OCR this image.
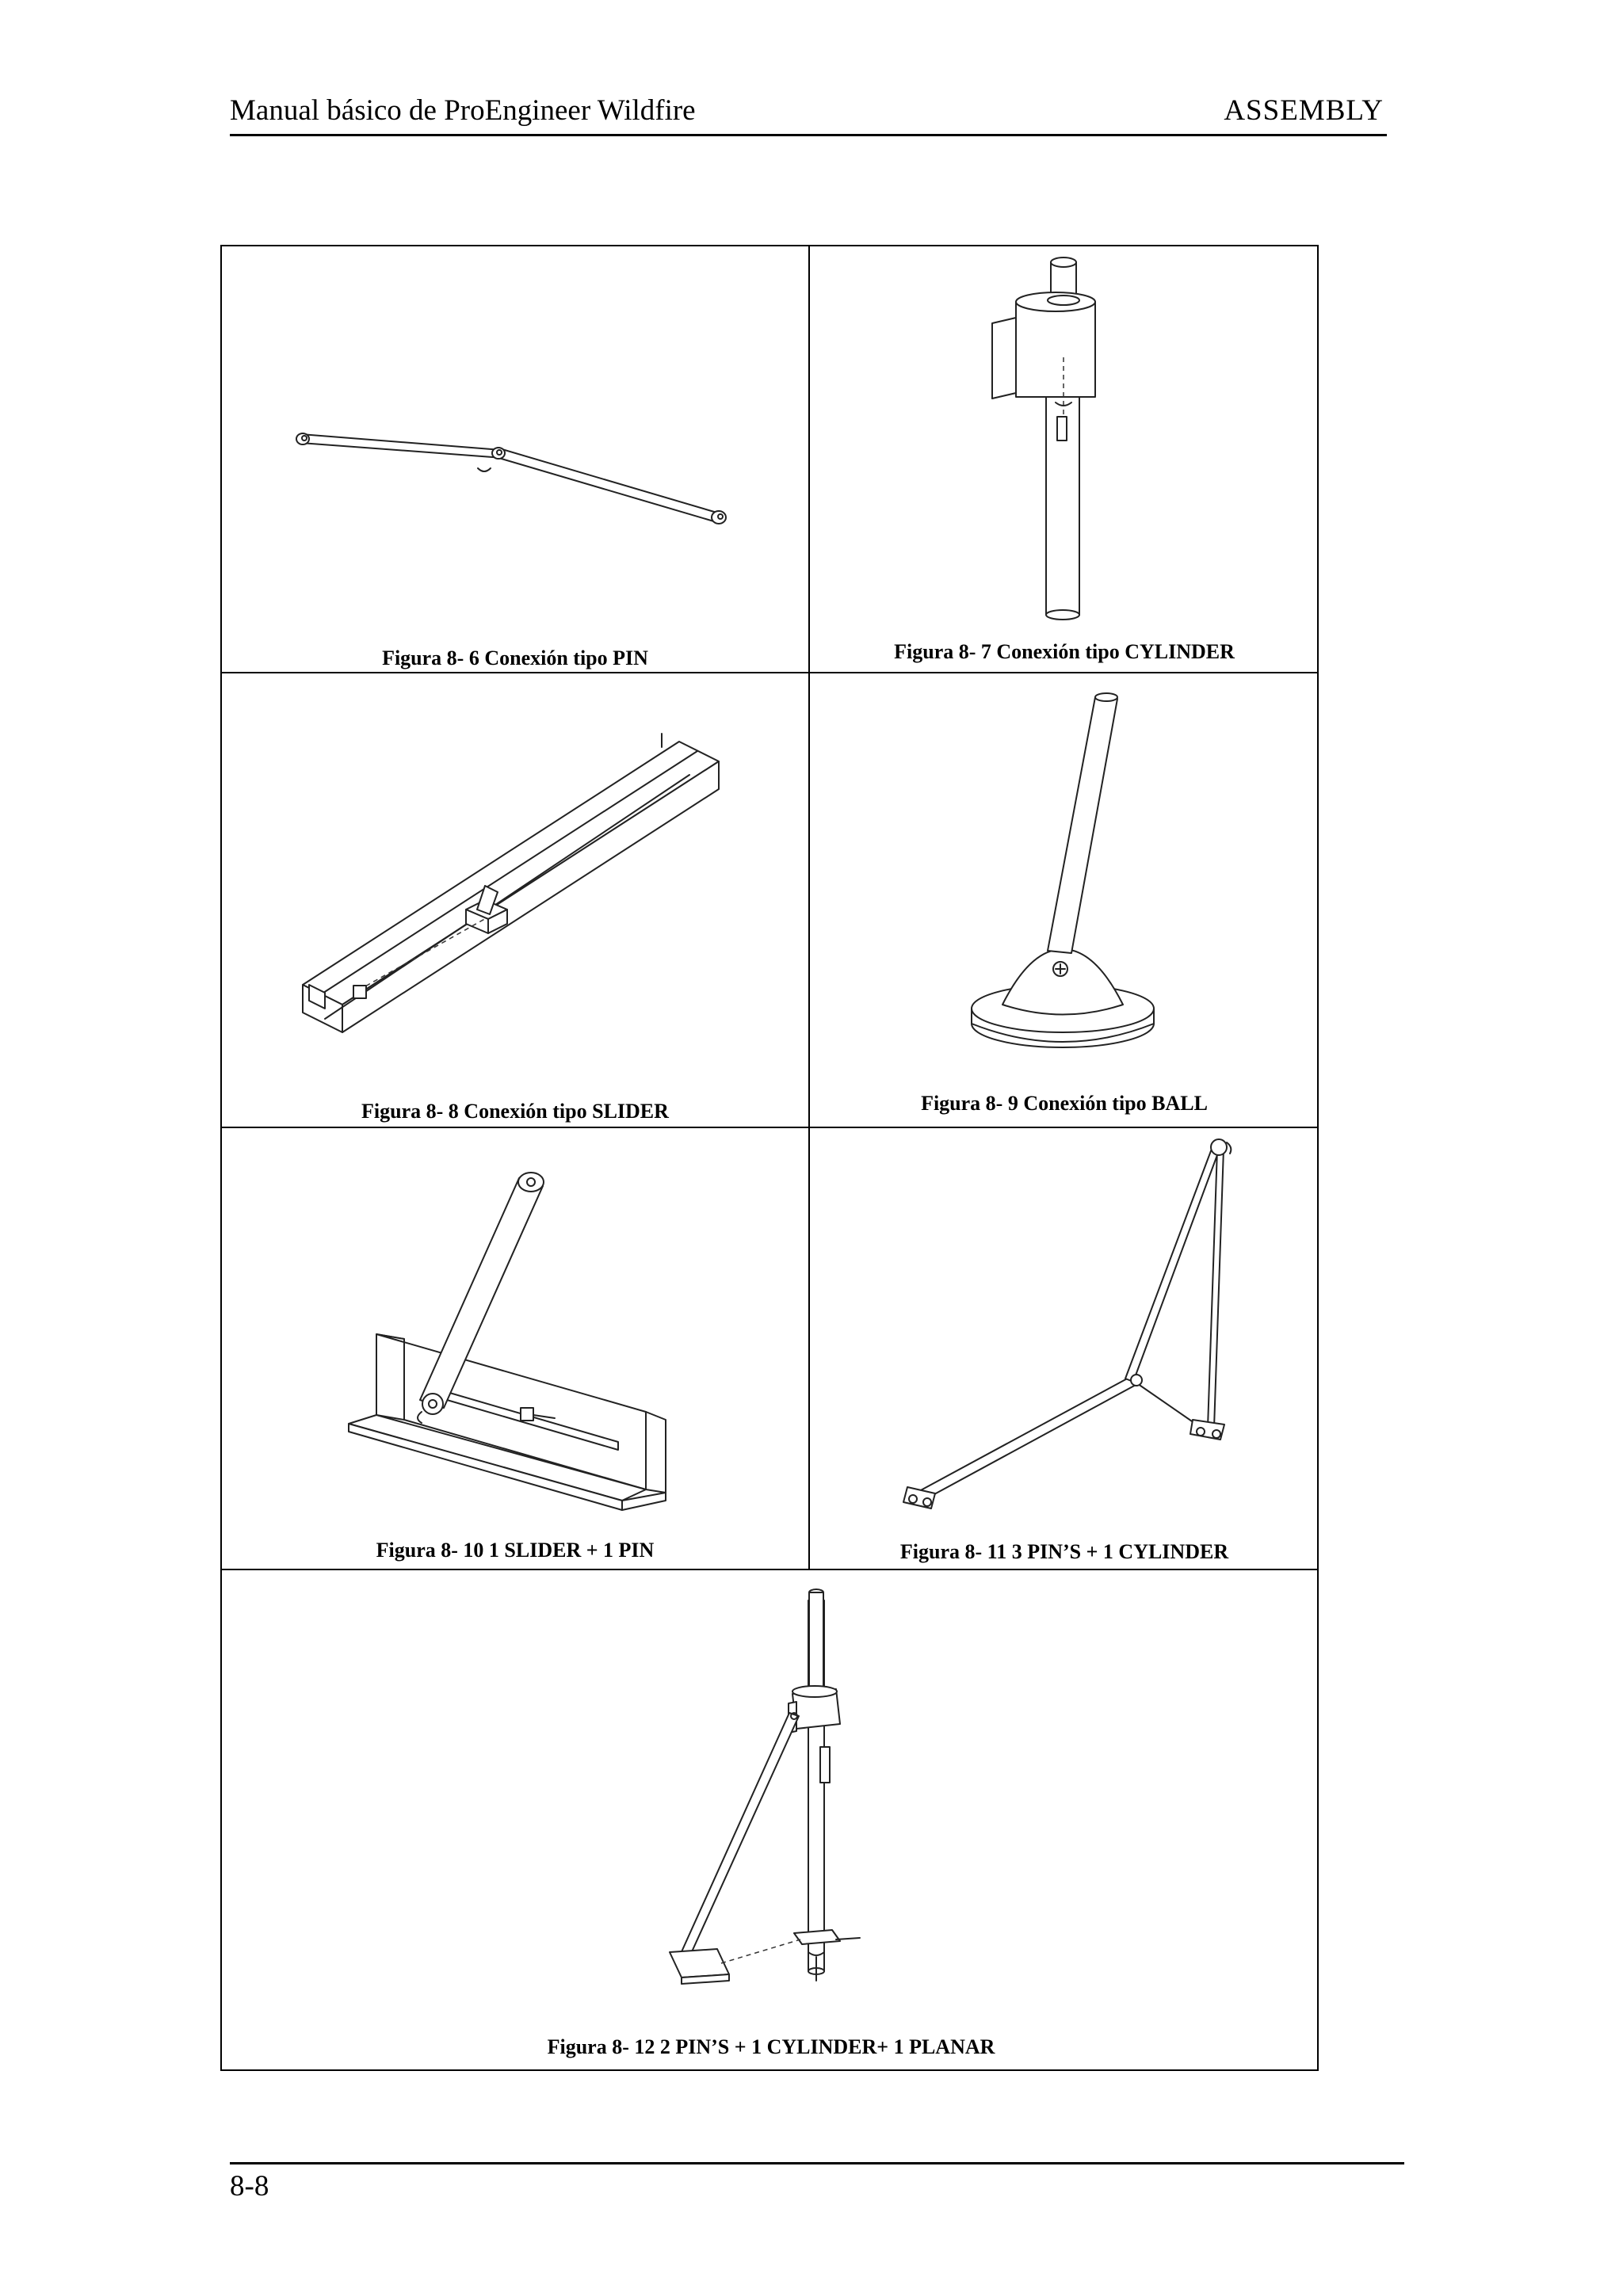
Manual básico de ProEngineer Wildfire	ASSEMBLY
Figura 8- 6 Conexión tipo PIN	Figura 8- 7 Conexión tipo CYLINDER
Figura 8- 8 Conexión tipo SLIDER	Figura 8- 9 Conexión tipo BALL
Figura 8- 10 1 SLIDER + 1 PIN	Figura 8- 11 3 PIN’S + 1 CYLINDER
Figura 8- 12 2 PIN’S + 1 CYLINDER+ 1 PLANAR
8-8
